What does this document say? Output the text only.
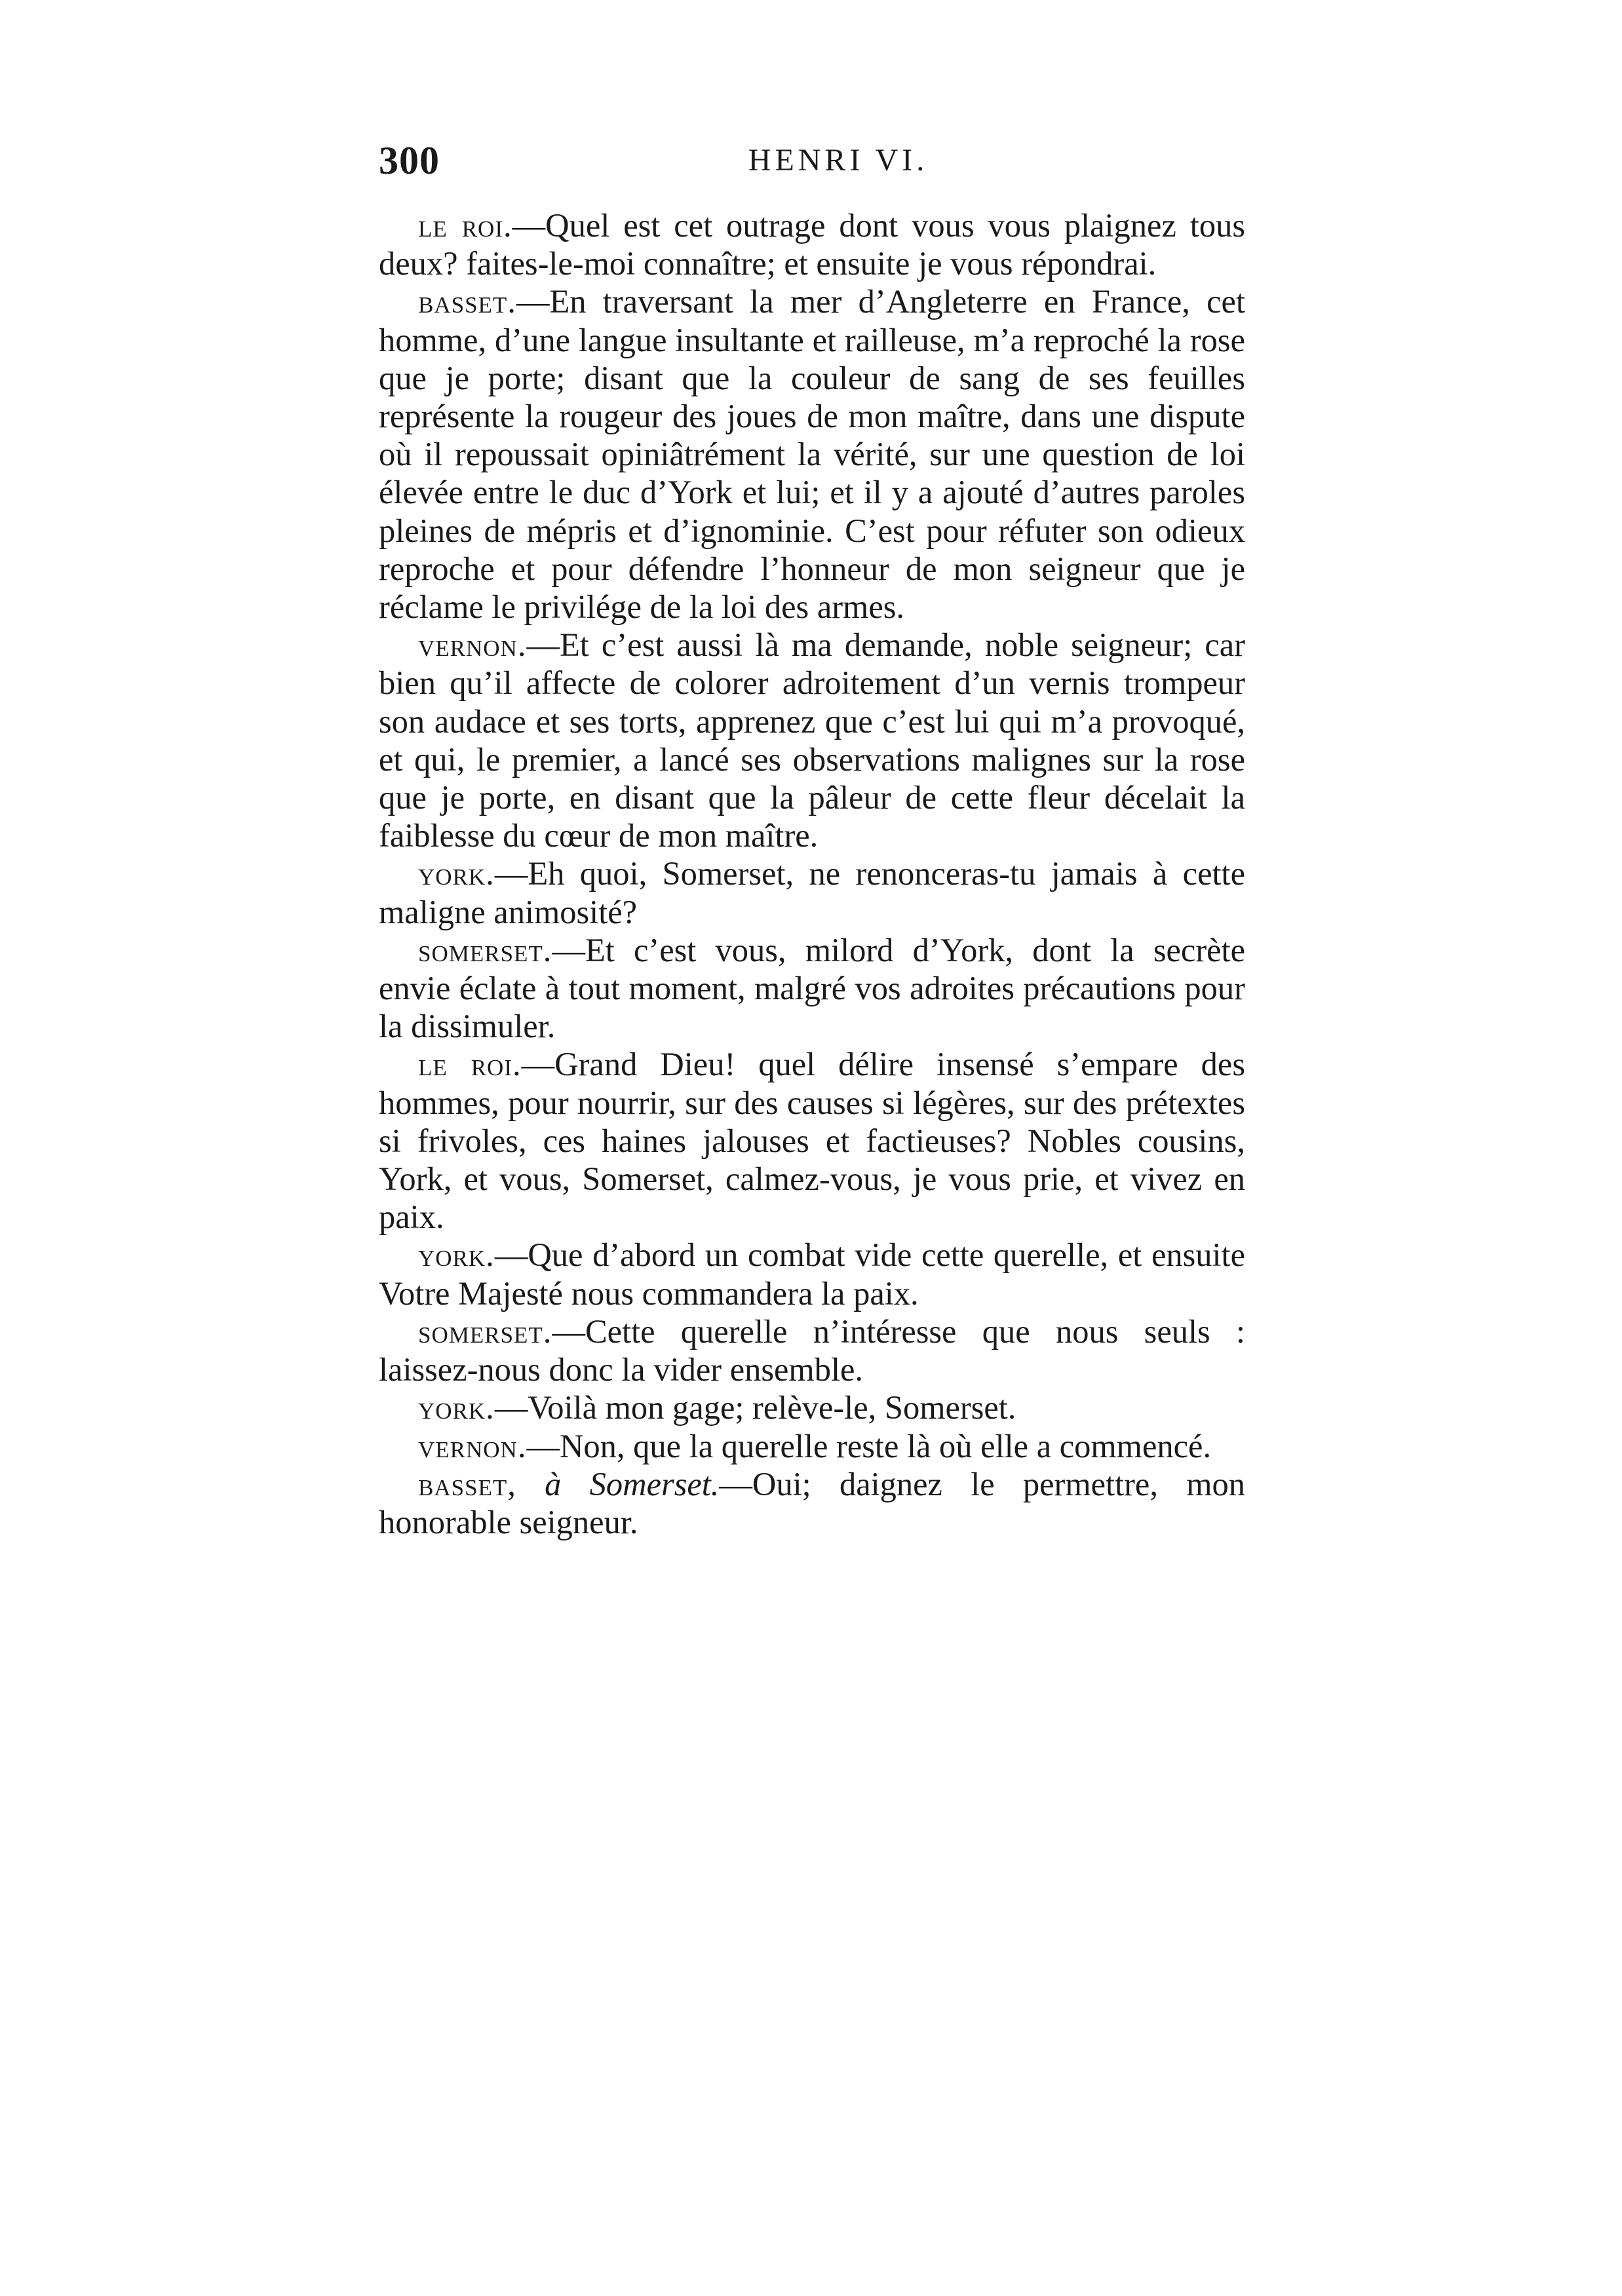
300	HENRI VI.

le roi.—Quel est cet outrage dont vous vous plaignez tous deux? faites-le-moi connaître; et ensuite je vous répondrai.

basset.—En traversant la mer d’Angleterre en France, cet homme, d’une langue insultante et railleuse, m’a reproché la rose que je porte; disant que la couleur de sang de ses feuilles représente la rougeur des joues de mon maître, dans une dispute où il repoussait opiniâtrément la vérité, sur une question de loi élevée entre le duc d’York et lui; et il y a ajouté d’autres paroles pleines de mépris et d’ignominie. C’est pour réfuter son odieux reproche et pour défendre l’honneur de mon seigneur que je réclame le privilége de la loi des armes.

vernon.—Et c’est aussi là ma demande, noble seigneur; car bien qu’il affecte de colorer adroitement d’un vernis trompeur son audace et ses torts, apprenez que c’est lui qui m’a provoqué, et qui, le premier, a lancé ses observations malignes sur la rose que je porte, en disant que la pâleur de cette fleur décelait la faiblesse du cœur de mon maître.

york.—Eh quoi, Somerset, ne renonceras-tu jamais à cette maligne animosité?

somerset.—Et c’est vous, milord d’York, dont la secrète envie éclate à tout moment, malgré vos adroites précautions pour la dissimuler.

le roi.—Grand Dieu! quel délire insensé s’empare des hommes, pour nourrir, sur des causes si légères, sur des prétextes si frivoles, ces haines jalouses et factieuses? Nobles cousins, York, et vous, Somerset, calmez-vous, je vous prie, et vivez en paix.

york.—Que d’abord un combat vide cette querelle, et ensuite Votre Majesté nous commandera la paix.

somerset.—Cette querelle n’intéresse que nous seuls : laissez-nous donc la vider ensemble.

york.—Voilà mon gage; relève-le, Somerset.

vernon.—Non, que la querelle reste là où elle a commencé.

basset, à Somerset.—Oui; daignez le permettre, mon honorable seigneur.
